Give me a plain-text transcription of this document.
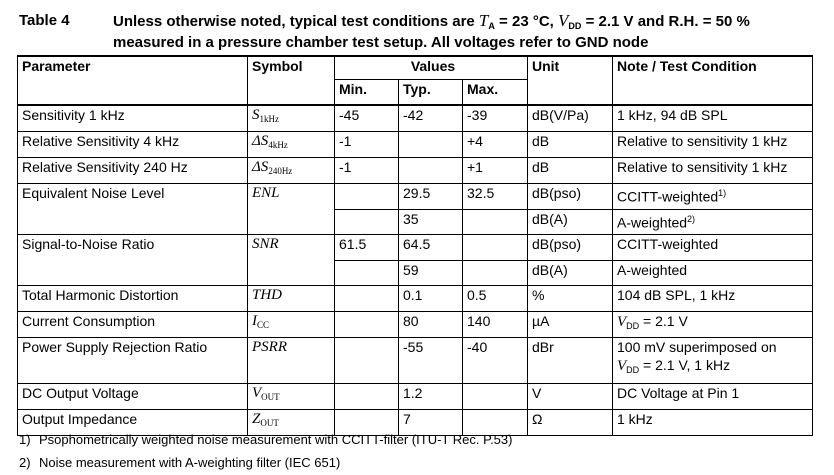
Table 4	Unless otherwise noted, typical test conditions are $T_A = 23$ °C, $V_{DD} = 2.1$ V and R.H. = 50 % measured in a pressure chamber test setup. All voltages refer to GND node
Parameter	Symbol	Values			Unit	Note / Test Condition
		Min.	Typ.	Max.		
Sensitivity 1 kHz	$S_{1kHz}$	-45	-42	-39	dB(V/Pa)	1 kHz, 94 dB SPL
Relative Sensitivity 4 kHz	$\Delta S_{4kHz}$	-1		+4	dB	Relative to sensitivity 1 kHz
Relative Sensitivity 240 Hz	$\Delta S_{240Hz}$	-1		+1	dB	Relative to sensitivity 1 kHz
Equivalent Noise Level	ENL		29.5	32.5	dB(pso)	CCITT-weighted$^{1)}$
			35		dB(A)	A-weighted$^{2)}$
Signal-to-Noise Ratio	SNR	61.5	64.5		dB(pso)	CCITT-weighted
			59		dB(A)	A-weighted
Total Harmonic Distortion	THD		0.1	0.5	%	104 dB SPL, 1 kHz
Current Consumption	$I_{CC}$		80	140	µA	$V_{DD} = 2.1$ V
Power Supply Rejection Ratio	PSRR		-55	-40	dBr	100 mV superimposed on
$V_{DD} = 2.1$ V, 1 kHz
DC Output Voltage	$V_{OUT}$		1.2		V	DC Voltage at Pin 1
Output Impedance	$Z_{OUT}$		7		Ω	1 kHz
1) Psophometrically weighted noise measurement with CCITT-filter (ITU-T Rec. P.53)
2) Noise measurement with A-weighting filter (IEC 651)
